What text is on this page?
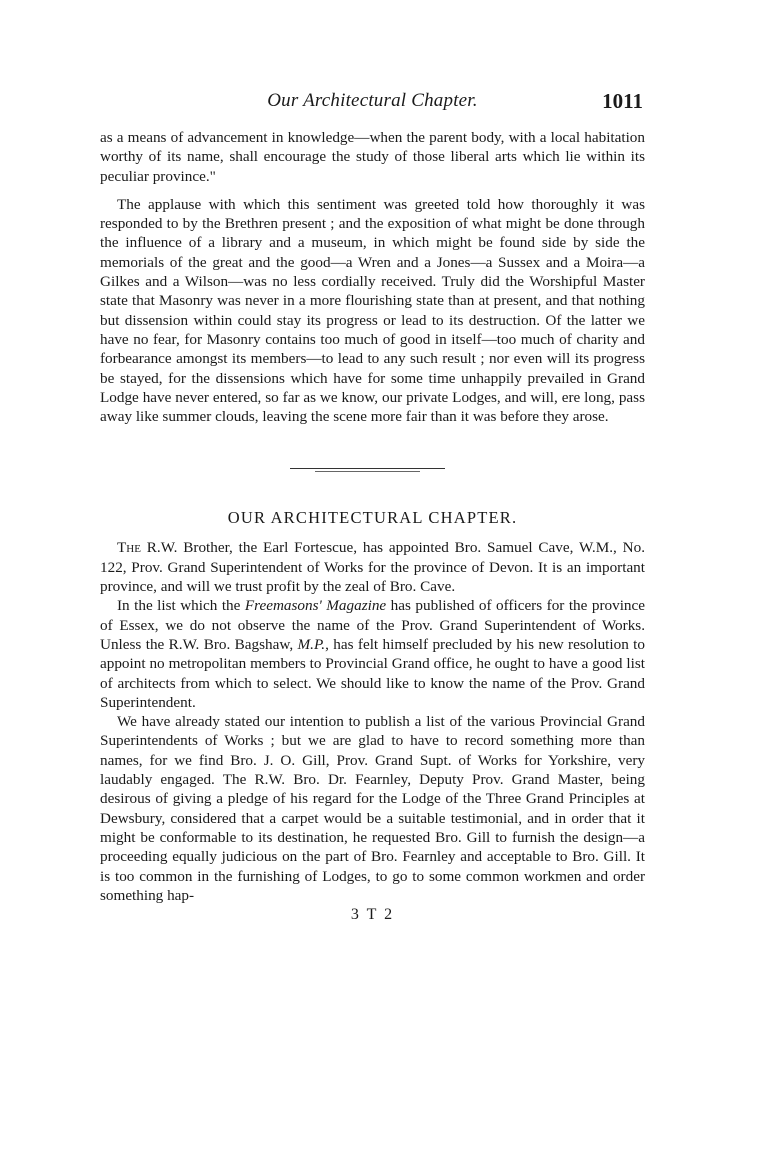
Our Architectural Chapter.	1011

as a means of advancement in knowledge—when the parent body, with a local habitation worthy of its name, shall encourage the study of those liberal arts which lie within its peculiar province."

The applause with which this sentiment was greeted told how thoroughly it was responded to by the Brethren present ; and the exposition of what might be done through the influence of a library and a museum, in which might be found side by side the memorials of the great and the good—a Wren and a Jones—a Sussex and a Moira—a Gilkes and a Wilson—was no less cordially received. Truly did the Worshipful Master state that Masonry was never in a more flourishing state than at present, and that nothing but dissension within could stay its progress or lead to its destruction. Of the latter we have no fear, for Masonry contains too much of good in itself—too much of charity and forbearance amongst its members—to lead to any such result ; nor even will its progress be stayed, for the dissensions which have for some time unhappily prevailed in Grand Lodge have never entered, so far as we know, our private Lodges, and will, ere long, pass away like summer clouds, leaving the scene more fair than it was before they arose.

OUR ARCHITECTURAL CHAPTER.

The R.W. Brother, the Earl Fortescue, has appointed Bro. Samuel Cave, W.M., No. 122, Prov. Grand Superintendent of Works for the province of Devon. It is an important province, and will we trust profit by the zeal of Bro. Cave.

In the list which the Freemasons' Magazine has published of officers for the province of Essex, we do not observe the name of the Prov. Grand Superintendent of Works. Unless the R.W. Bro. Bagshaw, M.P., has felt himself precluded by his new resolution to appoint no metropolitan members to Provincial Grand office, he ought to have a good list of architects from which to select. We should like to know the name of the Prov. Grand Superintendent.

We have already stated our intention to publish a list of the various Provincial Grand Superintendents of Works ; but we are glad to have to record something more than names, for we find Bro. J. O. Gill, Prov. Grand Supt. of Works for Yorkshire, very laudably engaged. The R.W. Bro. Dr. Fearnley, Deputy Prov. Grand Master, being desirous of giving a pledge of his regard for the Lodge of the Three Grand Principles at Dewsbury, considered that a carpet would be a suitable testimonial, and in order that it might be conformable to its destination, he requested Bro. Gill to furnish the design—a proceeding equally judicious on the part of Bro. Fearnley and acceptable to Bro. Gill. It is too common in the furnishing of Lodges, to go to some common workmen and order something hap-

3 T 2
